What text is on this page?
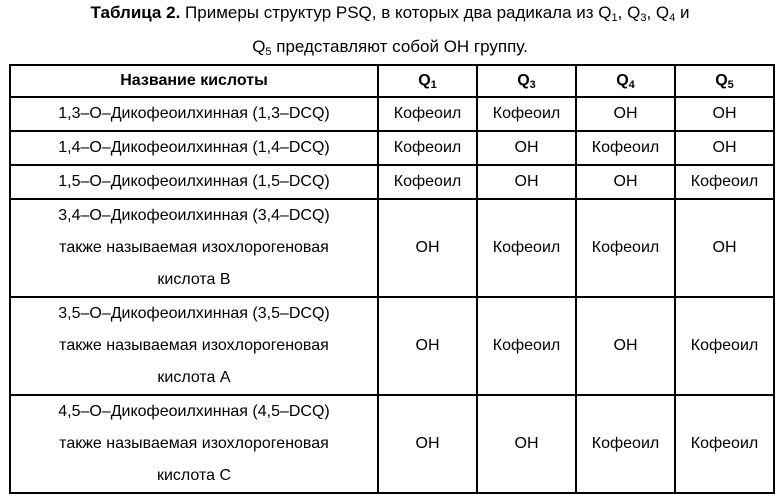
Таблица 2. Примеры структур PSQ, в которых два радикала из $Q_1$, $Q_3$, $Q_4$ и
$Q_5$ представляют собой ОН группу.
Название кислоты	$Q_1$	$Q_3$	$Q_4$	$Q_5$

1,3–O–Дикофеоилхинная (1,3–DCQ)	Кофеоил	Кофеоил	OH	OH

1,4–O–Дикофеоилхинная (1,4–DCQ)	Кофеоил	OH	Кофеоил	OH

1,5–O–Дикофеоилхинная (1,5–DCQ)	Кофеоил	OH	OH	Кофеоил

3,4–O–Дикофеоилхинная (3,4–DCQ)
также называемая изохлорогеновая
кислота B	OH	Кофеоил	Кофеоил	OH

3,5–O–Дикофеоилхинная (3,5–DCQ)
также называемая изохлорогеновая
кислота A	OH	Кофеоил	OH	Кофеоил

4,5–O–Дикофеоилхинная (4,5–DCQ)
также называемая изохлорогеновая
кислота C	OH	OH	Кофеоил	Кофеоил
